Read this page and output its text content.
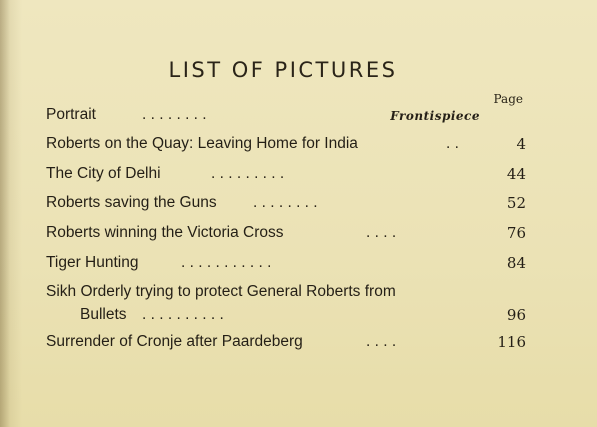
LIST OF PICTURES
Page
Portrait	. . . . . . . .	Frontispiece
Roberts on the Quay: Leaving Home for India	. .	4
The City of Delhi	. . . . . . . . .	44
Roberts saving the Guns . . . . . . . .	52
Roberts winning the Victoria Cross	. . . .	76
Tiger Hunting	. . . . . . . . . . .	84
Sikh Orderly trying to protect General Roberts from
Bullets . . . . . . . . . .	96
Surrender of Cronje after Paardeberg	. . . .	116
